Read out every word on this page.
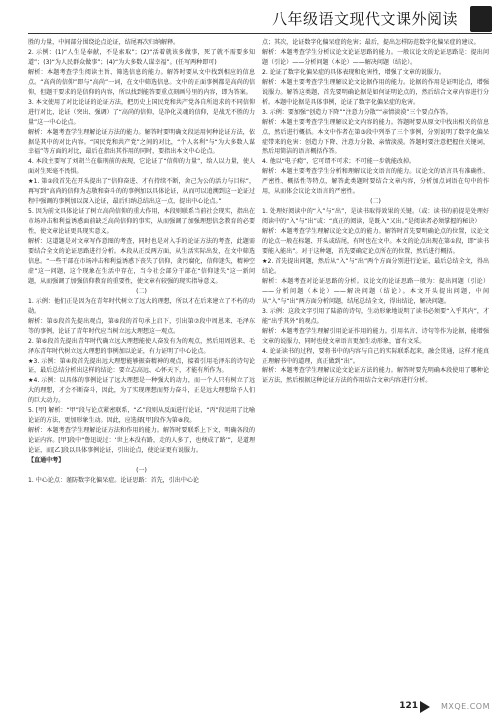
八年级语文现代文课外阅读

胜的力量，中间部分围绕论点论证，结尾再次归纳解释。

2. 示例：(1)“人生是奉献，不是索取”；(2)“活着就该多做事，死了就不需要多知道”；(3)“为人民群众做事”；(4)“为大多数人谋幸福”。(任写两种即可)

解析：本题考查学生阅读主旨、筛选信息的能力。解答时要从文中找到相应的信息点。“高尚的信仰”即与“高尚”一词，在文中筛选信息。文中的正面事例都是高尚的信仰，但题干要求的是信仰的内容，所以找到能答要重点刻画号里的内容，即为答案。

3. 本文使用了对比论证的论证方法，把历史上国民党和共产党各自所追求的不同信仰进行对比，论证（突出、强调）了“高尚的信仰，是净化灵魂的信仰，是战无不胜的力量”这一中心论点。

解析：本题考查学生理解论证方法的能力。解答时要明确文段运用何种论证方法，依据是其中的对比内容。“国民党和共产党”之间的对比，“个人名利”与“为大多数人谋幸福”等方面的对比，最后在指出其作用的同时，要指出本文中心论点。

4. 本段主要写了刘胡兰在临刑前的表现，它论证了“信仰的力量”，给人以力量，使人面对生死毫不畏惧。

★1. 第②段首先在开头提出了“信仰奋进、才有持续不断，舍己为公的活力与目标”，再写到“高尚的信仰为志敬和奋斗的的事例加以具体论证，从而可以追溯到这一论证过程中强调的事例加以深入论证，最后归纳总结出这一点，提出中心论点。”

5. 因为前文具体论证了树立高尚信仰的重大作用，本段则联系当前社会现实，指出在市场冲击和利益诱惑面前缺乏高尚信仰的事实，从而强调了加强理想信念教育的必要性，使文章论证更具现实意义。

解析：这道题是对文章写作意图的考查，同时也是对入手的论证方法的考查，此题需要结合全文的论证思路进行分析。本段从正反两方面，从生活实际出发，在文中筛选信息。“一些干部在市场冲击和利益诱惑下丧失了信仰，贪污腐化，信仰迷失，精神空虚”这一问题，这个现象在生活中存在，当今社会部分干部在“信仰迷失”这一新问题，从而强调了加强信仰教育的重要性，使文章有较强的现实指导意义。

(二)

1. 示例：他们正是因为在青年时代树立了远大的理想，所以才在后来建立了不朽的功勋。

解析：第⑤段首先提出观点，第⑥段的首句承上启下，引出第⑦段中周恩来、毛泽东等的事例，论证了青年时代应当树立远大理想这一观点。

2. 第⑥段首先提出青年时代确立远大理想能使人奋发有为的观点，然后用周恩来、毛泽东青年时代树立远大理想的事例加以论证，有力证明了中心论点。

★3. 示例：第④段首先提出远大理想能够振奋精神的观点，接着引用毛泽东的诗句论证，最后总结分析出这样的结论：要立志高远、心怀天下，才能有所作为。

★4. 示例：以具体的事例论证了远大理想是一种强大的动力，而一个人只有树立了远大的理想，才会不断奋斗，因此，为了实现理想而努力奋斗，正是远大理想给予人们的巨大动力。

5. [甲] 解析：“甲”段与论点紧密联系，“乙”段则从反面进行论证，“丙”段运用了比喻论证的方法，更加形象生动。因此，应选择[甲]段作为第⑧段。

解析：本题考查学生理解论证方法和作用的能力。解答时要联系上下文，明确各段的论证内容。[甲]段中“鲁迅说过：‘世上本没有路，走的人多了，也便成了路’”，是道理论证，而[乙]段以具体事例论证，引出论点，使论证更有说服力。

【直通中考】

(一)

1. 中心论点：谨防数字化偏呆症。论证思路：首先，引出中心论

点；其次，论证数字化偏呆症的危害；最后，提出怎样防范数字化偏呆症的建议。

解析：本题考查学生分析议论文论证思路的能力。一般议论文的论证思路是：提出问题（引论）——分析问题（本论）——解决问题（结论）。

2. 论证了数字化偏呆症的具体表现和危害性，增强了文章的说服力。

解析：本题主要考查学生理解议论文论据作用的能力。论据的作用是证明论点，增强说服力。解答这类题，首先要明确论据是如何证明论点的，然后结合文章内容进行分析。本题中论据是具体事例，论证了数字化偏呆症的危害。

3. 示例：要加强“创造力下降”“注意力分散”“亲情淡漠”三个要点作答。

解析：本题主要考查学生理解议论文内容的能力。答题时要从原文中找出相关的信息点，然后进行概括。本文中作者在第③段中列举了三个事例，分别说明了数字化偏呆症带来的危害：创造力下降、注意力分散、亲情淡漠。答题时要注意把握住关键词，然后用简洁的语言概括作答。

4. 他以“电子瘾”，它可谓不可求；不可能一步就能改掉。

解析：本题主要考查学生分析和理解议论文语言的能力。议论文的语言具有准确性、严密性、概括性等特点，解答此类题时要结合文章内容，分析加点词语在句中的作用，从而体会议论文语言的严密性。

(二)

1. 处理好阅读中的“入”与“出”，是读书取得效果的关键。（或：读书的前提是处理好阅读中的“入”与“出”或：“真正的阅读，是既入“又出。”是阅读者必须掌握的秘诀）

解析：本题考查学生理解议论文论点的能力。解答时首先要明确论点的位置，议论文的论点一般在标题、开头或结尾，有时也在文中。本文的论点出现在第①段，即“读书要能入能出”。对于这种题，首先要确定论点所在的位置，然后进行概括。

★2. 首先提出问题，然后从“入”与“出”两个方面分别进行论证，最后总结全文，得出结论。

解析：本题考查对论证思路的分析。议论文的论证思路一般为：提出问题（引论）——分析问题（本论）——解决问题（结论）。本文开头提出问题，中间从“入”与“出”两方面分析问题，结尾总结全文，得出结论，解决问题。

3. 示例：这段文字引用了陆游的诗句，生动形象地说明了读书必须要“入乎其内”，才能“出乎其外”的观点。

解析：本题考查学生理解引用论证作用的能力。引用名言、诗句等作为论据，能增强文章的说服力，同时也使文章语言更加生动形象，富有文采。

4. 论证读书的过程，要将书中的内容与自己的实际联系起来，融会贯通，这样才能真正理解书中的道理，真正做到“出”。

解析：本题考查学生理解议论文论证方法的能力。解答时要先明确本段使用了哪种论证方法，然后根据这种论证方法的作用结合文章内容进行分析。

121	MXQE.COM
